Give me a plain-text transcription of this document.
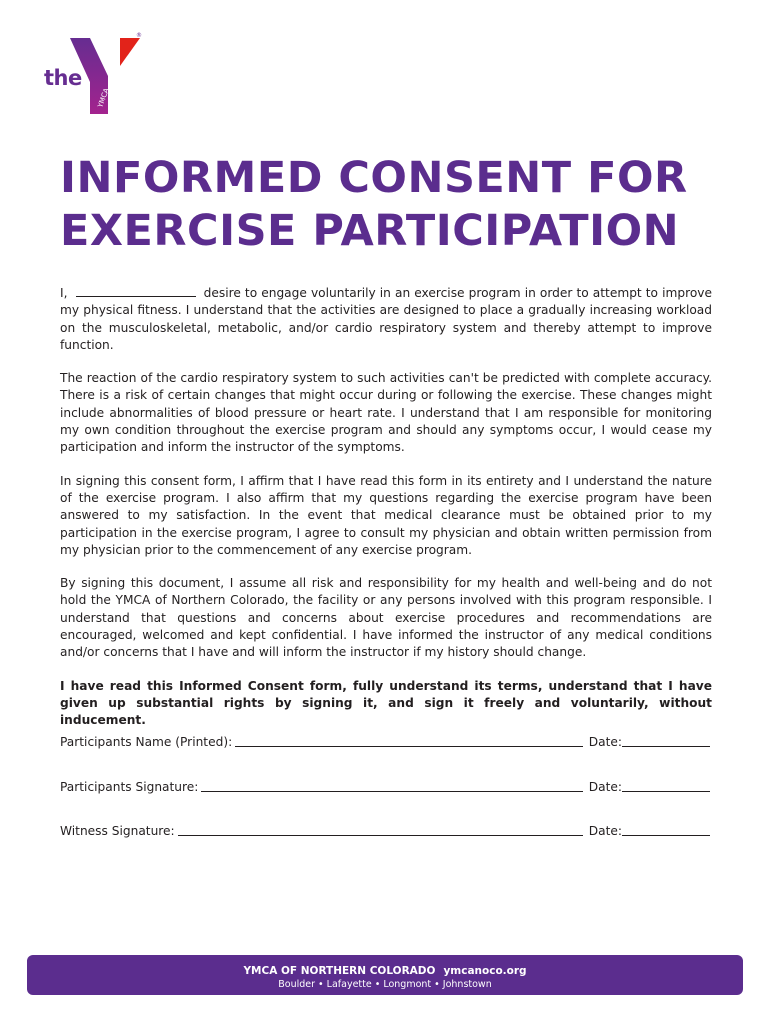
the
YMCA
®
INFORMED CONSENT FOR
EXERCISE PARTICIPATION

I,	desire to engage voluntarily in an exercise program in order to attempt to improve my physical fitness. I understand that the activities are designed to place a gradually increasing workload on the musculoskeletal, metabolic, and/or cardio respiratory system and thereby attempt to improve function.

The reaction of the cardio respiratory system to such activities can't be predicted with complete accuracy. There is a risk of certain changes that might occur during or following the exercise. These changes might include abnormalities of blood pressure or heart rate. I understand that I am responsible for monitoring my own condition throughout the exercise program and should any symptoms occur, I would cease my participation and inform the instructor of the symptoms.

In signing this consent form, I affirm that I have read this form in its entirety and I understand the nature of the exercise program. I also affirm that my questions regarding the exercise program have been answered to my satisfaction. In the event that medical clearance must be obtained prior to my participation in the exercise program, I agree to consult my physician and obtain written permission from my physician prior to the commencement of any exercise program.

By signing this document, I assume all risk and responsibility for my health and well-being and do not hold the YMCA of Northern Colorado, the facility or any persons involved with this program responsible. I understand that questions and concerns about exercise procedures and recommendations are encouraged, welcomed and kept confidential. I have informed the instructor of any medical conditions and/or concerns that I have and will inform the instructor if my history should change.

I have read this Informed Consent form, fully understand its terms, understand that I have given up substantial rights by signing it, and sign it freely and voluntarily, without inducement.

Participants Name (Printed):	Date:
Participants Signature:	Date:
Witness Signature:	Date:
YMCA OF NORTHERN COLORADO ymcanoco.org
Boulder • Lafayette • Longmont • Johnstown
